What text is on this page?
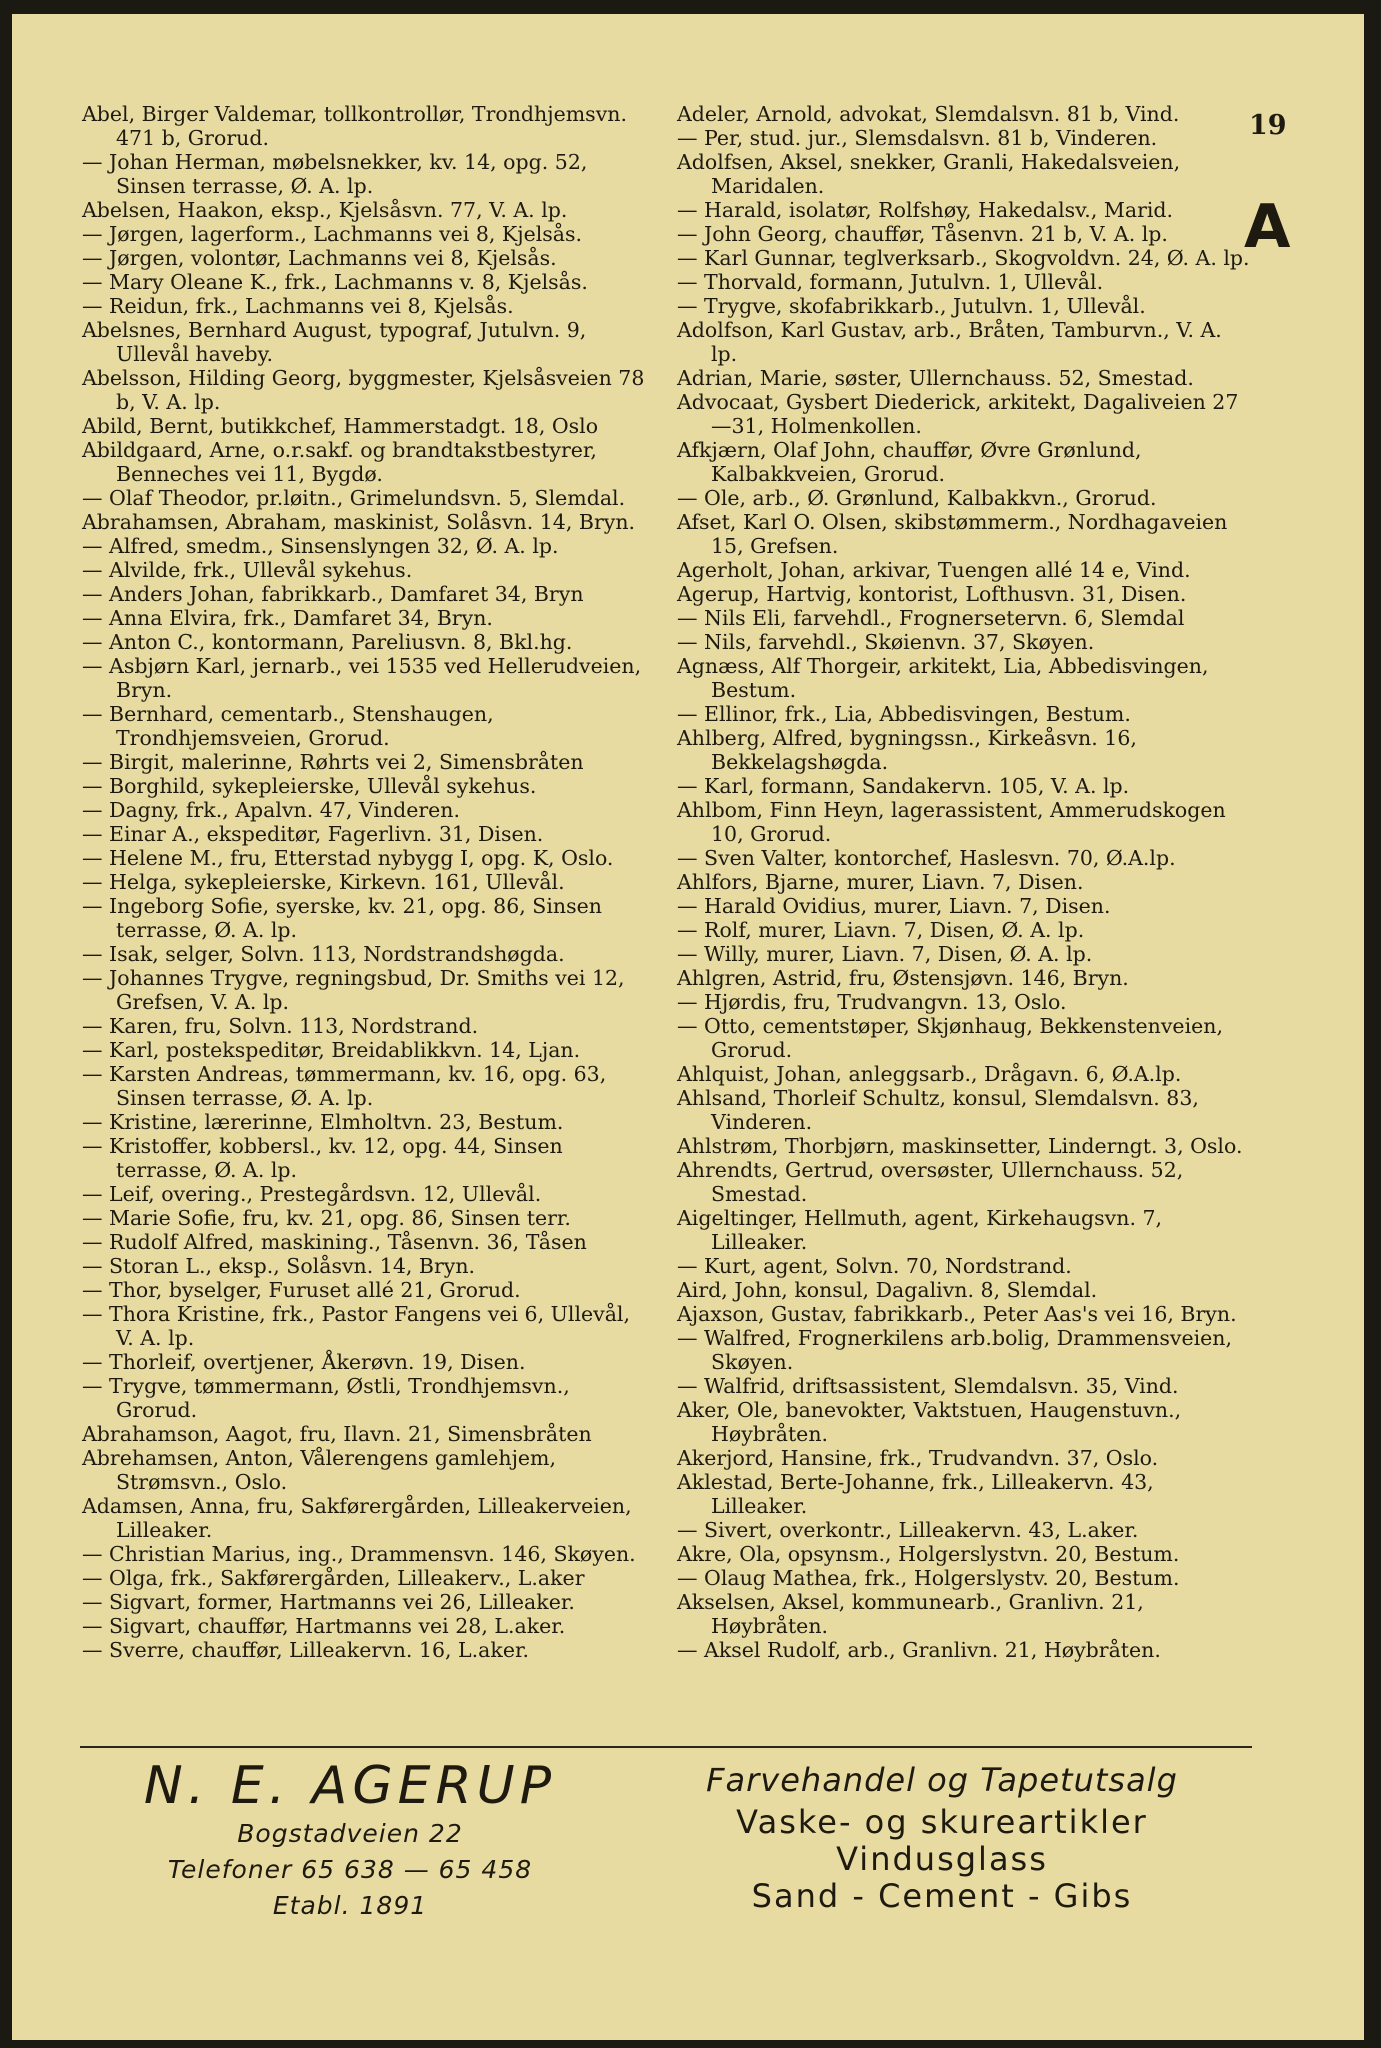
Abel, Birger Valdemar, tollkontrollør, Trondhjemsvn. 471 b, Grorud.

— Johan Herman, møbelsnekker, kv. 14, opg. 52, Sinsen terrasse, Ø. A. lp.

Abelsen, Haakon, eksp., Kjelsåsvn. 77, V. A. lp.

— Jørgen, lagerform., Lachmanns vei 8, Kjelsås.

— Jørgen, volontør, Lachmanns vei 8, Kjelsås.

— Mary Oleane K., frk., Lachmanns v. 8, Kjelsås.

— Reidun, frk., Lachmanns vei 8, Kjelsås.

Abelsnes, Bernhard August, typograf, Jutulvn. 9, Ullevål haveby.

Abelsson, Hilding Georg, byggmester, Kjelsåsveien 78 b, V. A. lp.

Abild, Bernt, butikkchef, Hammerstadgt. 18, Oslo

Abildgaard, Arne, o.r.sakf. og brandtakstbestyrer, Benneches vei 11, Bygdø.

— Olaf Theodor, pr.løitn., Grimelundsvn. 5, Slemdal.

Abrahamsen, Abraham, maskinist, Solåsvn. 14, Bryn.

— Alfred, smedm., Sinsenslyngen 32, Ø. A. lp.

— Alvilde, frk., Ullevål sykehus.

— Anders Johan, fabrikkarb., Damfaret 34, Bryn

— Anna Elvira, frk., Damfaret 34, Bryn.

— Anton C., kontormann, Pareliusvn. 8, Bkl.hg.

— Asbjørn Karl, jernarb., vei 1535 ved Hellerudveien, Bryn.

— Bernhard, cementarb., Stenshaugen, Trondhjemsveien, Grorud.

— Birgit, malerinne, Røhrts vei 2, Simensbråten

— Borghild, sykepleierske, Ullevål sykehus.

— Dagny, frk., Apalvn. 47, Vinderen.

— Einar A., ekspeditør, Fagerlivn. 31, Disen.

— Helene M., fru, Etterstad nybygg I, opg. K, Oslo.

— Helga, sykepleierske, Kirkevn. 161, Ullevål.

— Ingeborg Sofie, syerske, kv. 21, opg. 86, Sinsen terrasse, Ø. A. lp.

— Isak, selger, Solvn. 113, Nordstrandshøgda.

— Johannes Trygve, regningsbud, Dr. Smiths vei 12, Grefsen, V. A. lp.

— Karen, fru, Solvn. 113, Nordstrand.

— Karl, postekspeditør, Breidablikkvn. 14, Ljan.

— Karsten Andreas, tømmermann, kv. 16, opg. 63, Sinsen terrasse, Ø. A. lp.

— Kristine, lærerinne, Elmholtvn. 23, Bestum.

— Kristoffer, kobbersl., kv. 12, opg. 44, Sinsen terrasse, Ø. A. lp.

— Leif, overing., Prestegårdsvn. 12, Ullevål.

— Marie Sofie, fru, kv. 21, opg. 86, Sinsen terr.

— Rudolf Alfred, maskining., Tåsenvn. 36, Tåsen

— Storan L., eksp., Solåsvn. 14, Bryn.

— Thor, byselger, Furuset allé 21, Grorud.

— Thora Kristine, frk., Pastor Fangens vei 6, Ullevål, V. A. lp.

— Thorleif, overtjener, Åkerøvn. 19, Disen.

— Trygve, tømmermann, Østli, Trondhjemsvn., Grorud.

Abrahamson, Aagot, fru, Ilavn. 21, Simensbråten

Abrehamsen, Anton, Vålerengens gamlehjem, Strømsvn., Oslo.

Adamsen, Anna, fru, Sakførergården, Lilleakerveien, Lilleaker.

— Christian Marius, ing., Drammensvn. 146, Skøyen.

— Olga, frk., Sakførergården, Lilleakerv., L.aker

— Sigvart, former, Hartmanns vei 26, Lilleaker.

— Sigvart, chauffør, Hartmanns vei 28, L.aker.

— Sverre, chauffør, Lilleakervn. 16, L.aker.

Adeler, Arnold, advokat, Slemdalsvn. 81 b, Vind.

— Per, stud. jur., Slemsdalsvn. 81 b, Vinderen.

Adolfsen, Aksel, snekker, Granli, Hakedalsveien, Maridalen.

— Harald, isolatør, Rolfshøy, Hakedalsv., Marid.

— John Georg, chauffør, Tåsenvn. 21 b, V. A. lp.

— Karl Gunnar, teglverksarb., Skogvoldvn. 24, Ø. A. lp.

— Thorvald, formann, Jutulvn. 1, Ullevål.

— Trygve, skofabrikkarb., Jutulvn. 1, Ullevål.

Adolfson, Karl Gustav, arb., Bråten, Tamburvn., V. A. lp.

Adrian, Marie, søster, Ullernchauss. 52, Smestad.

Advocaat, Gysbert Diederick, arkitekt, Dagaliveien 27—31, Holmenkollen.

Afkjærn, Olaf John, chauffør, Øvre Grønlund, Kalbakkveien, Grorud.

— Ole, arb., Ø. Grønlund, Kalbakkvn., Grorud.

Afset, Karl O. Olsen, skibstømmerm., Nordhagaveien 15, Grefsen.

Agerholt, Johan, arkivar, Tuengen allé 14 e, Vind.

Agerup, Hartvig, kontorist, Lofthusvn. 31, Disen.

— Nils Eli, farvehdl., Frognersetervn. 6, Slemdal

— Nils, farvehdl., Skøienvn. 37, Skøyen.

Agnæss, Alf Thorgeir, arkitekt, Lia, Abbedisvingen, Bestum.

— Ellinor, frk., Lia, Abbedisvingen, Bestum.

Ahlberg, Alfred, bygningssn., Kirkeåsvn. 16, Bekkelagshøgda.

— Karl, formann, Sandakervn. 105, V. A. lp.

Ahlbom, Finn Heyn, lagerassistent, Ammerudskogen 10, Grorud.

— Sven Valter, kontorchef, Haslesvn. 70, Ø.A.lp.

Ahlfors, Bjarne, murer, Liavn. 7, Disen.

— Harald Ovidius, murer, Liavn. 7, Disen.

— Rolf, murer, Liavn. 7, Disen, Ø. A. lp.

— Willy, murer, Liavn. 7, Disen, Ø. A. lp.

Ahlgren, Astrid, fru, Østensjøvn. 146, Bryn.

— Hjørdis, fru, Trudvangvn. 13, Oslo.

— Otto, cementstøper, Skjønhaug, Bekkenstenveien, Grorud.

Ahlquist, Johan, anleggsarb., Drågavn. 6, Ø.A.lp.

Ahlsand, Thorleif Schultz, konsul, Slemdalsvn. 83, Vinderen.

Ahlstrøm, Thorbjørn, maskinsetter, Linderngt. 3, Oslo.

Ahrendts, Gertrud, oversøster, Ullernchauss. 52, Smestad.

Aigeltinger, Hellmuth, agent, Kirkehaugsvn. 7, Lilleaker.

— Kurt, agent, Solvn. 70, Nordstrand.

Aird, John, konsul, Dagalivn. 8, Slemdal.

Ajaxson, Gustav, fabrikkarb., Peter Aas's vei 16, Bryn.

— Walfred, Frognerkilens arb.bolig, Drammensveien, Skøyen.

— Walfrid, driftsassistent, Slemdalsvn. 35, Vind.

Aker, Ole, banevokter, Vaktstuen, Haugenstuvn., Høybråten.

Akerjord, Hansine, frk., Trudvandvn. 37, Oslo.

Aklestad, Berte-Johanne, frk., Lilleakervn. 43, Lilleaker.

— Sivert, overkontr., Lilleakervn. 43, L.aker.

Akre, Ola, opsynsm., Holgerslystvn. 20, Bestum.

— Olaug Mathea, frk., Holgerslystv. 20, Bestum.

Akselsen, Aksel, kommunearb., Granlivn. 21, Høybråten.

— Aksel Rudolf, arb., Granlivn. 21, Høybråten.

19
A
N. E. AGERUP
Bogstadveien 22
Telefoner 65 638 — 65 458
Etabl. 1891
Farvehandel og Tapetutsalg
Vaske- og skureartikler
Vindusglass
Sand - Cement - Gibs
